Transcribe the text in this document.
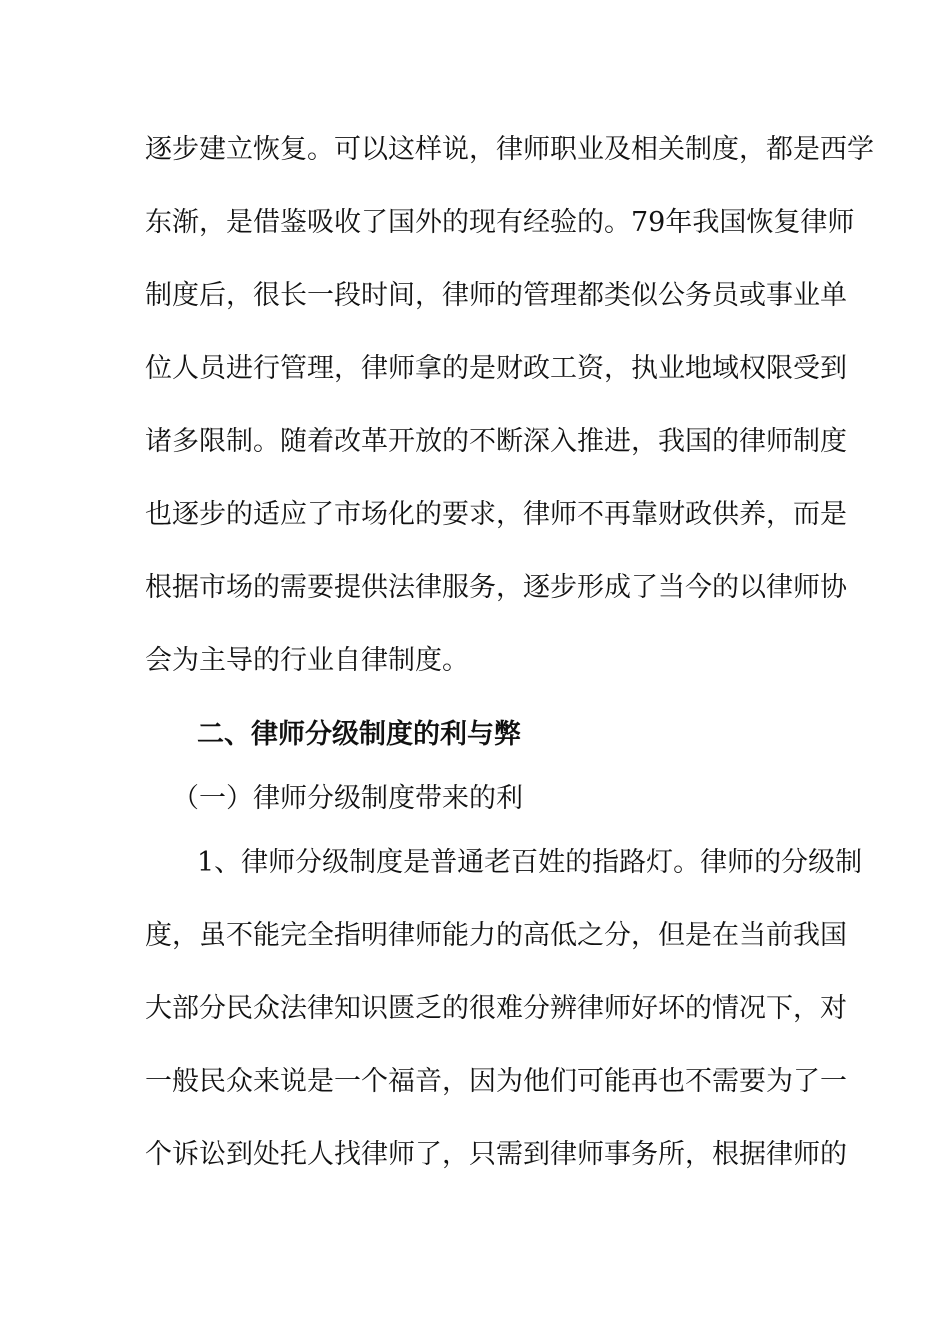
逐步建立恢复。可以这样说，律师职业及相关制度，都是西学
东渐，是借鉴吸收了国外的现有经验的。79年我国恢复律师
制度后，很长一段时间，律师的管理都类似公务员或事业单
位人员进行管理，律师拿的是财政工资，执业地域权限受到
诸多限制。随着改革开放的不断深入推进，我国的律师制度
也逐步的适应了市场化的要求，律师不再靠财政供养，而是
根据市场的需要提供法律服务，逐步形成了当今的以律师协
会为主导的行业自律制度。
二、律师分级制度的利与弊
（一）律师分级制度带来的利
1、律师分级制度是普通老百姓的指路灯。律师的分级制
度，虽不能完全指明律师能力的高低之分，但是在当前我国
大部分民众法律知识匮乏的很难分辨律师好坏的情况下，对
一般民众来说是一个福音，因为他们可能再也不需要为了一
个诉讼到处托人找律师了，只需到律师事务所，根据律师的
